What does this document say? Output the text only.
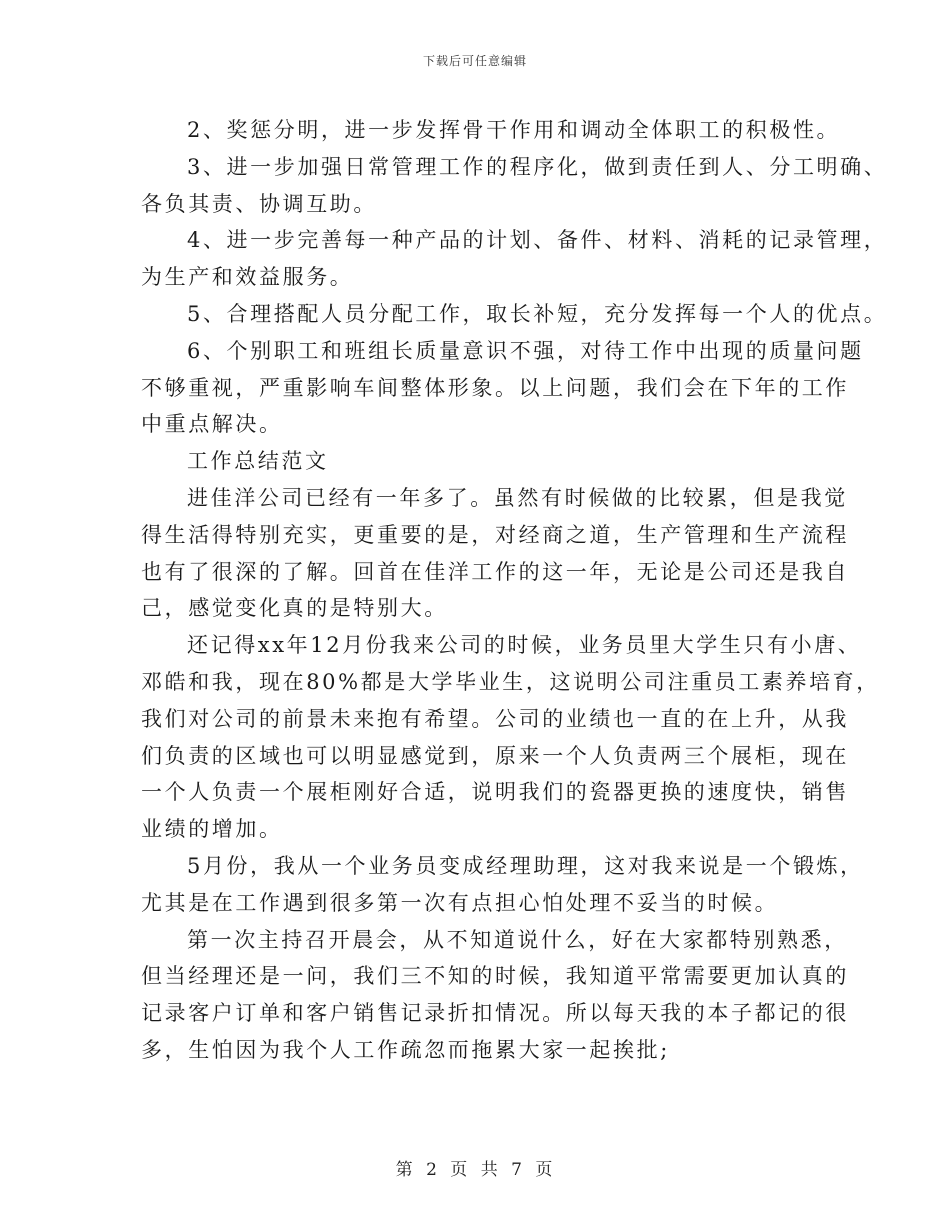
下载后可任意编辑
2、奖惩分明，进一步发挥骨干作用和调动全体职工的积极性。
3、进一步加强日常管理工作的程序化，做到责任到人、分工明确、
各负其责、协调互助。
4、进一步完善每一种产品的计划、备件、材料、消耗的记录管理，
为生产和效益服务。
5、合理搭配人员分配工作，取长补短，充分发挥每一个人的优点。
6、个别职工和班组长质量意识不强，对待工作中出现的质量问题
不够重视，严重影响车间整体形象。以上问题，我们会在下年的工作
中重点解决。
工作总结范文
进佳洋公司已经有一年多了。虽然有时候做的比较累，但是我觉
得生活得特别充实，更重要的是，对经商之道，生产管理和生产流程
也有了很深的了解。回首在佳洋工作的这一年，无论是公司还是我自
己，感觉变化真的是特别大。
还记得xx年12月份我来公司的时候，业务员里大学生只有小唐、
邓皓和我，现在80%都是大学毕业生，这说明公司注重员工素养培育，
我们对公司的前景未来抱有希望。公司的业绩也一直的在上升，从我
们负责的区域也可以明显感觉到，原来一个人负责两三个展柜，现在
一个人负责一个展柜刚好合适，说明我们的瓷器更换的速度快，销售
业绩的增加。
5月份，我从一个业务员变成经理助理，这对我来说是一个锻炼，
尤其是在工作遇到很多第一次有点担心怕处理不妥当的时候。
第一次主持召开晨会，从不知道说什么，好在大家都特别熟悉，
但当经理还是一问，我们三不知的时候，我知道平常需要更加认真的
记录客户订单和客户销售记录折扣情况。所以每天我的本子都记的很
多，生怕因为我个人工作疏忽而拖累大家一起挨批;
第 2 页 共 7 页
